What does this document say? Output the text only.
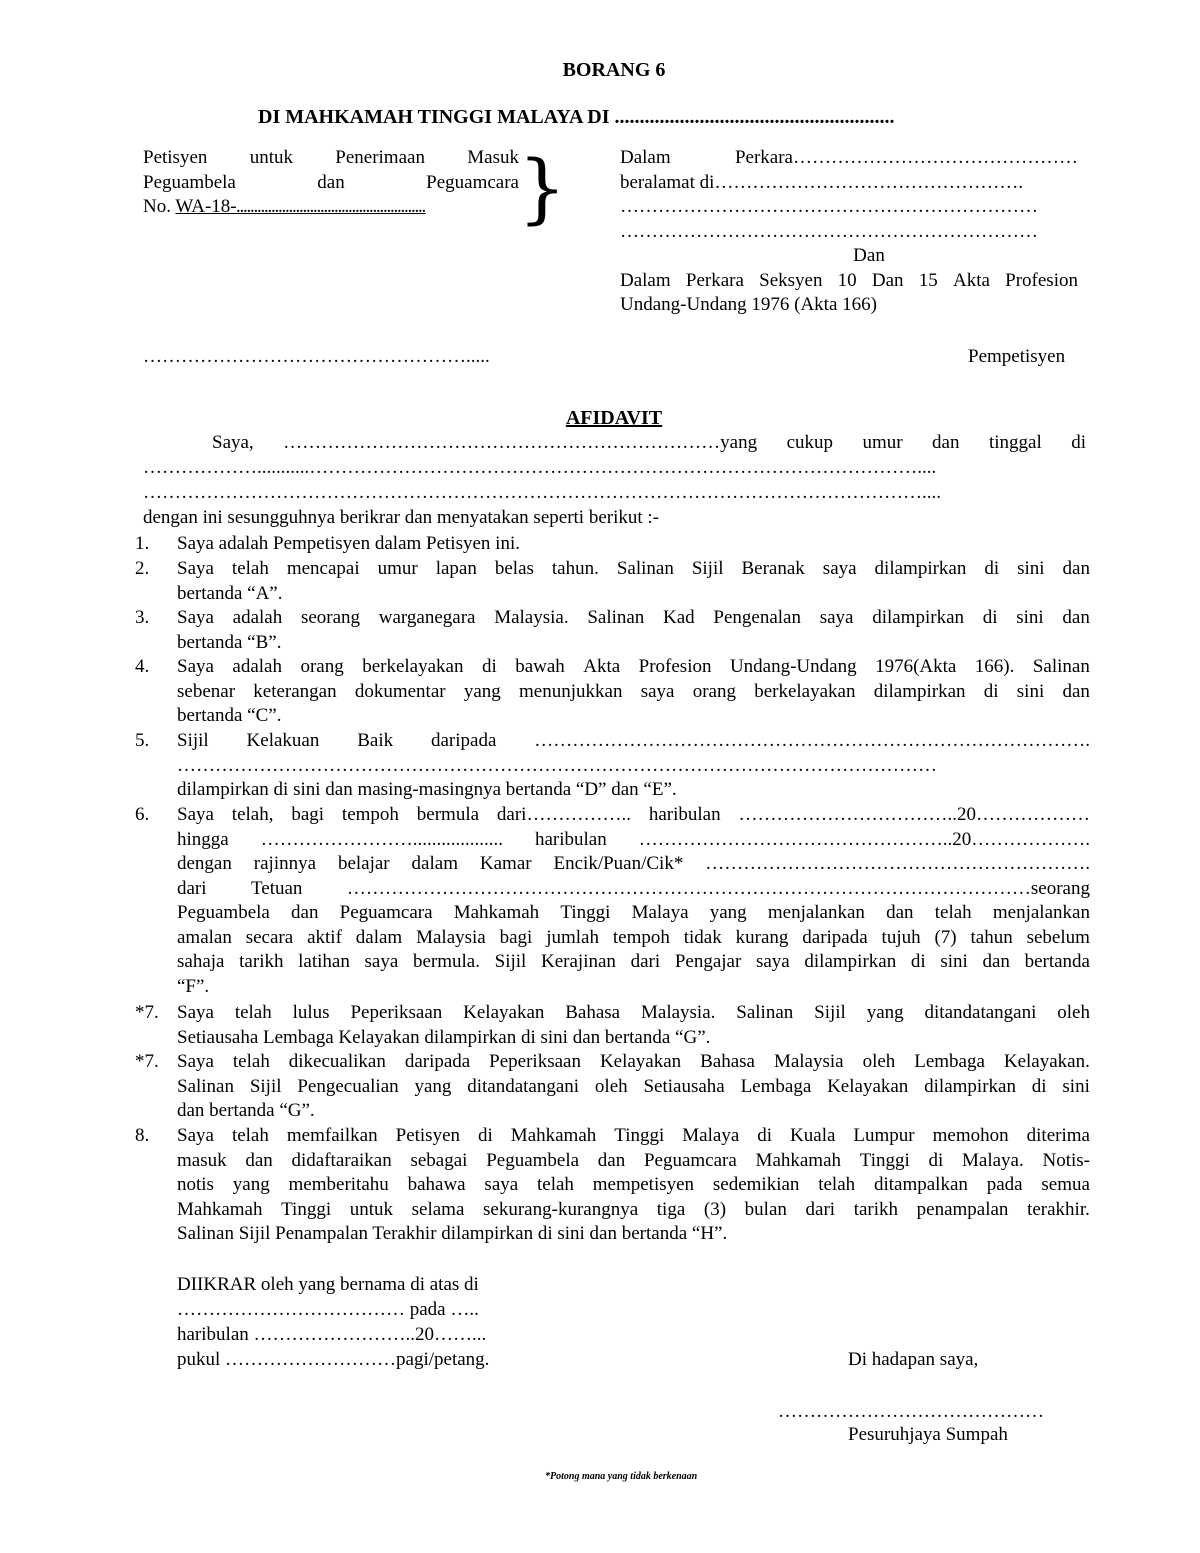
BORANG 6
DI MAHKAMAH TINGGI MALAYA DI ........................................................
Petisyen untuk Penerimaan Masuk
Peguambela	dan	Peguamcara
No. WA-18-......................................................	}	Dalam	Perkara………………………………………
beralamat di………………………………………….
…………………………………………………………
…………………………………………………………
Dan
Dalam Perkara Seksyen 10 Dan 15 Akta Profesion
Undang-Undang 1976 (Akta 166)
…………………………………………….....	Pempetisyen
AFIDAVIT
Saya, ……………………………………………………………yang cukup umur dan tinggal di
………………...........……………………………………………………………………………………....
……………………………………………………………………………………………………………....
dengan ini sesungguhnya berikrar dan menyatakan seperti berikut :-
1.	Saya adalah Pempetisyen dalam Petisyen ini.
2.	Saya telah mencapai umur lapan belas tahun. Salinan Sijil Beranak saya dilampirkan di sini dan
bertanda “A”.
3.	Saya adalah seorang warganegara Malaysia. Salinan Kad Pengenalan saya dilampirkan di sini dan
bertanda “B”.
4.	Saya adalah orang berkelayakan di bawah Akta Profesion Undang-Undang 1976(Akta 166). Salinan
sebenar keterangan dokumentar yang menunjukkan saya orang berkelayakan dilampirkan di sini dan
bertanda “C”.
5.	Sijil Kelakuan Baik daripada …………………………………………………………………………….
…………………………………………………………………………………………………………
dilampirkan di sini dan masing-masingnya bertanda “D” dan “E”.
6.	Saya telah, bagi tempoh bermula dari…………….. haribulan ……………………………..20………………
hingga ……………………................... haribulan …………………………………………..20……………….
dengan rajinnya belajar dalam Kamar Encik/Puan/Cik* …………………………………………………….
dari Tetuan ………………………………………………………………………………………………seorang
Peguambela dan Peguamcara Mahkamah Tinggi Malaya yang menjalankan dan telah menjalankan
amalan secara aktif dalam Malaysia bagi jumlah tempoh tidak kurang daripada tujuh (7) tahun sebelum
sahaja tarikh latihan saya bermula. Sijil Kerajinan dari Pengajar saya dilampirkan di sini dan bertanda
“F”.
*7. Saya telah lulus Peperiksaan Kelayakan Bahasa Malaysia. Salinan Sijil yang ditandatangani oleh
Setiausaha Lembaga Kelayakan dilampirkan di sini dan bertanda “G”.
*7. Saya telah dikecualikan daripada Peperiksaan Kelayakan Bahasa Malaysia oleh Lembaga Kelayakan.
Salinan Sijil Pengecualian yang ditandatangani oleh Setiausaha Lembaga Kelayakan dilampirkan di sini
dan bertanda “G”.
8.	Saya telah memfailkan Petisyen di Mahkamah Tinggi Malaya di Kuala Lumpur memohon diterima
masuk dan didaftaraikan sebagai Peguambela dan Peguamcara Mahkamah Tinggi di Malaya. Notis-
notis yang memberitahu bahawa saya telah mempetisyen sedemikian telah ditampalkan pada semua
Mahkamah Tinggi untuk selama sekurang-kurangnya tiga (3) bulan dari tarikh penampalan terakhir.
Salinan Sijil Penampalan Terakhir dilampirkan di sini dan bertanda “H”.
DIIKRAR oleh yang bernama di atas di
……………………………… pada …..
haribulan ……………………..20……...
pukul ………………………pagi/petang.	Di hadapan saya,
……………………………………
Pesuruhjaya Sumpah
*Potong mana yang tidak berkenaan
